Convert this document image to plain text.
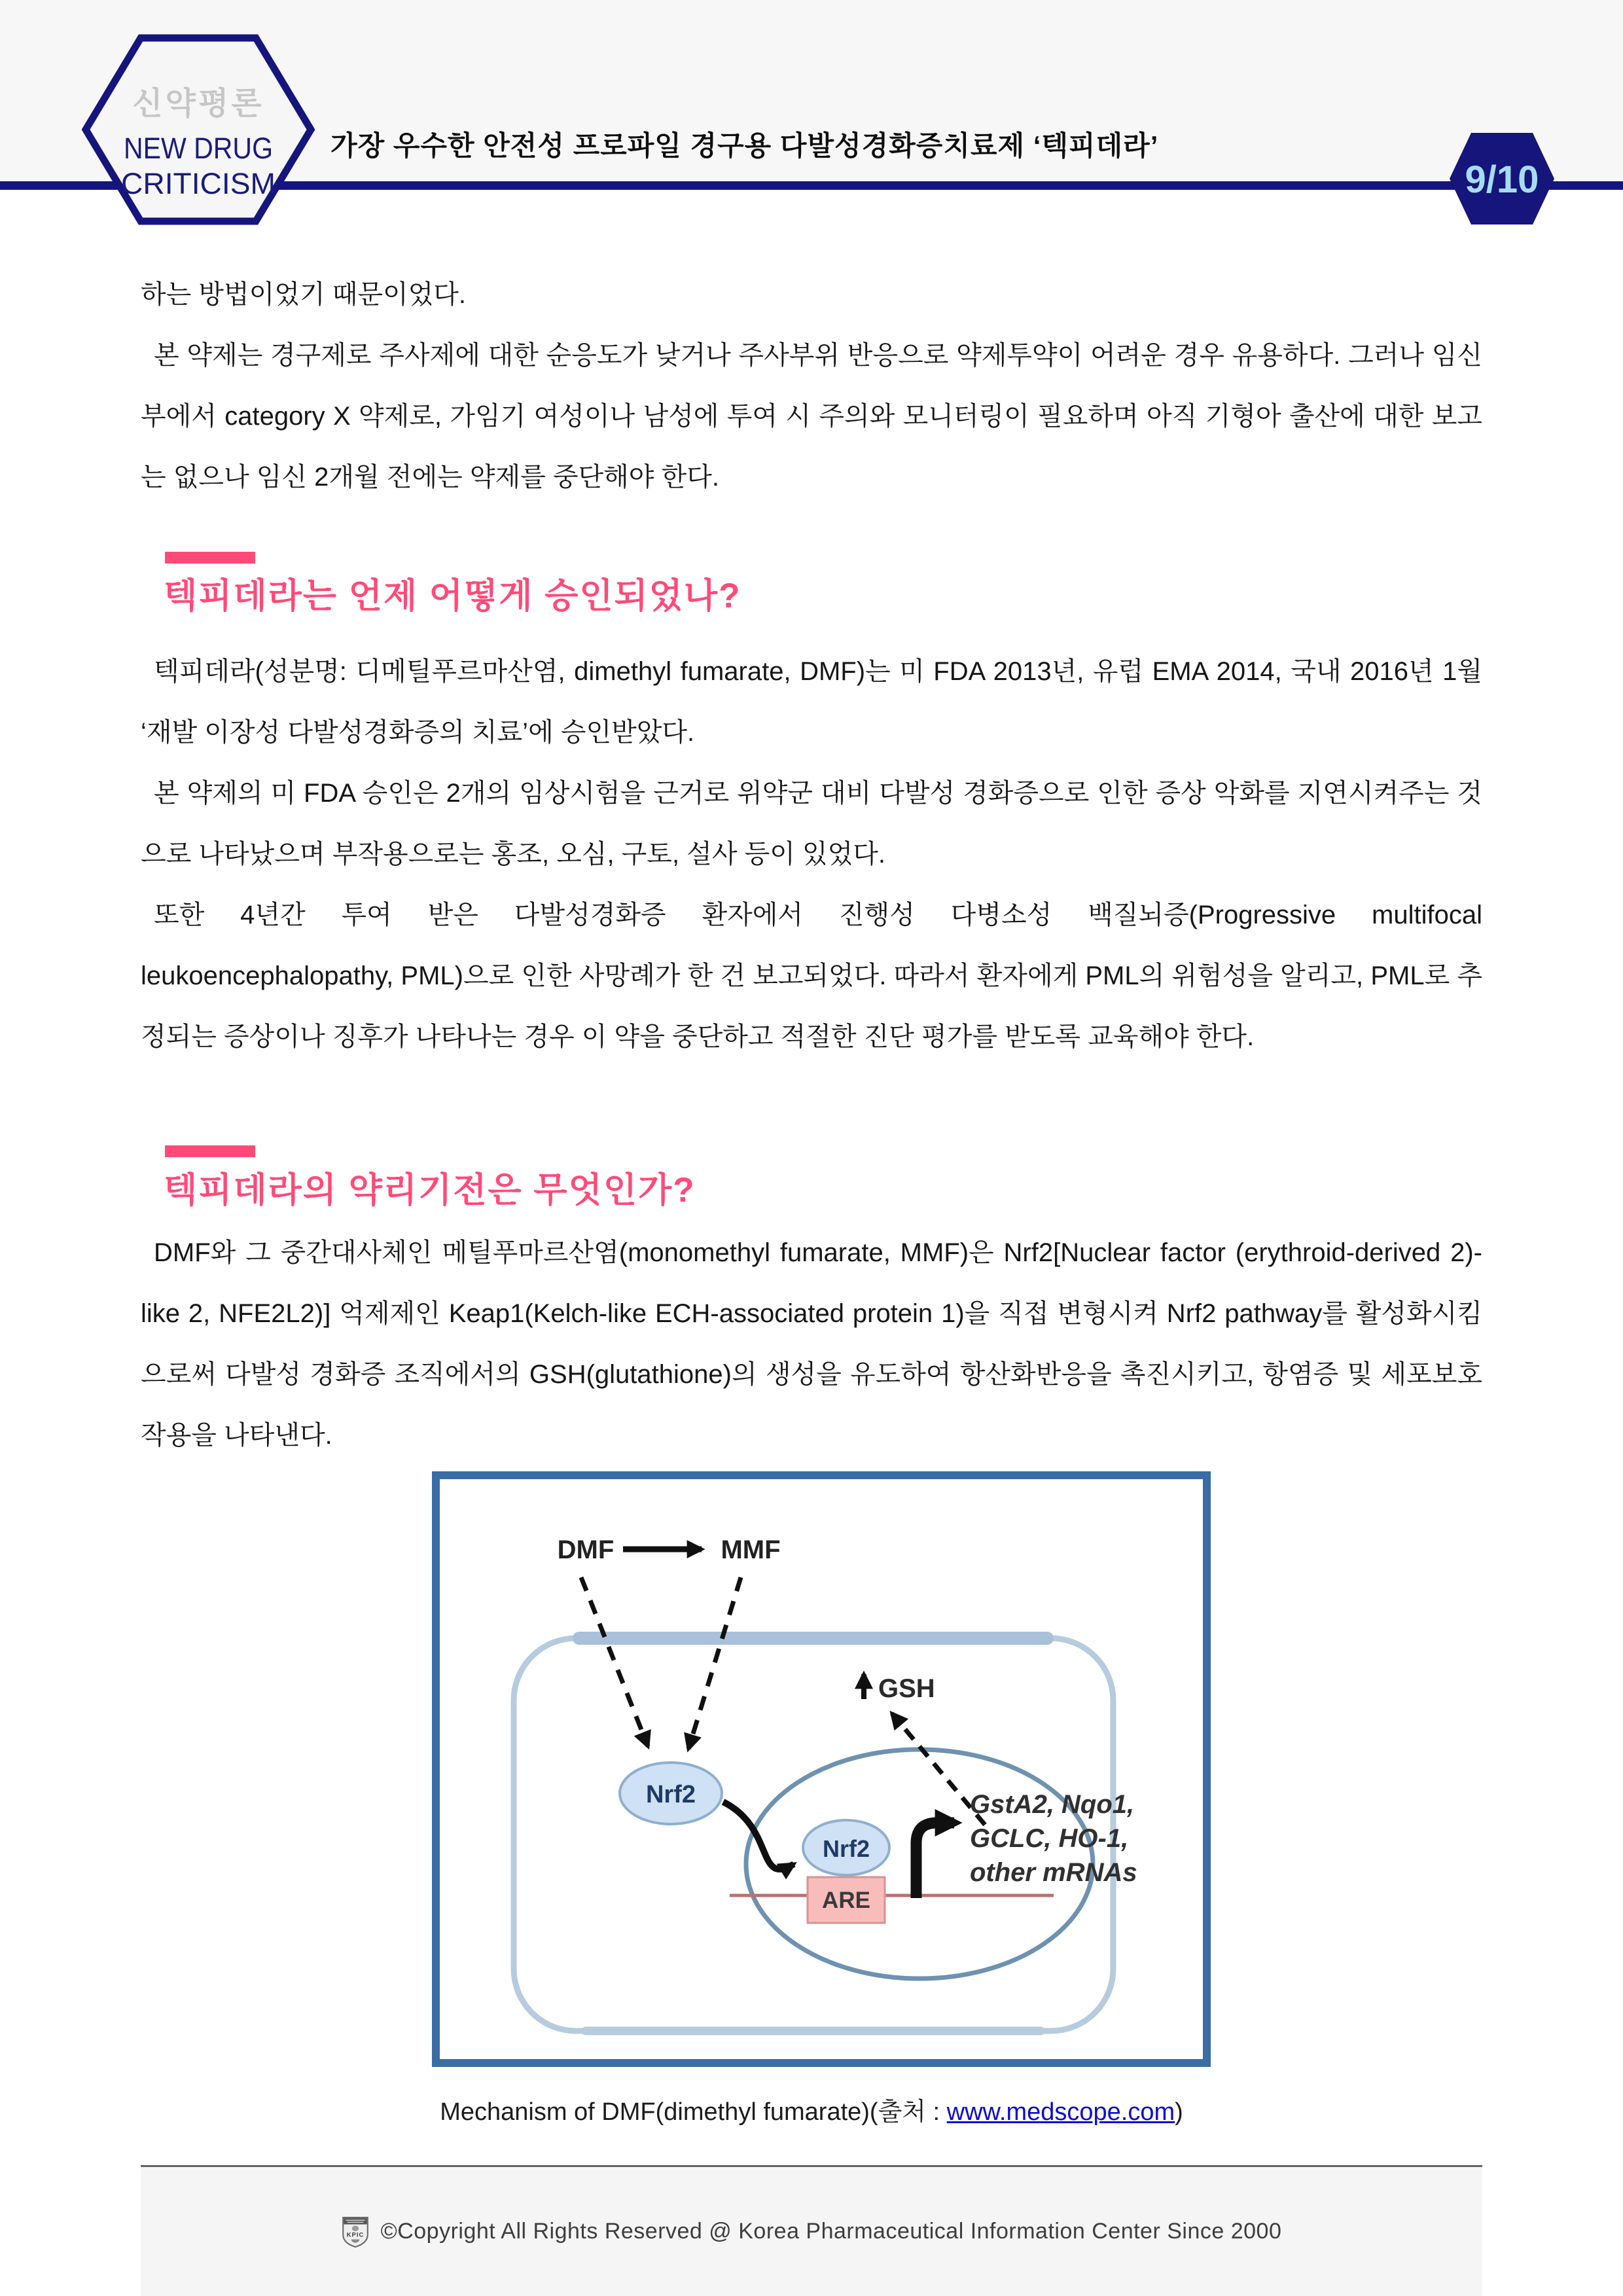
신약평론
NEW DRUG
CRITICISM
가장 우수한 안전성 프로파일 경구용 다발성경화증치료제 ‘텍피데라’
9/10

하는 방법이었기 때문이었다.

본 약제는 경구제로 주사제에 대한 순응도가 낮거나 주사부위 반응으로 약제투약이 어려운 경우 유용하다. 그러나 임신부에서 category X 약제로, 가임기 여성이나 남성에 투여 시 주의와 모니터링이 필요하며 아직 기형아 출산에 대한 보고는 없으나 임신 2개월 전에는 약제를 중단해야 한다.

텍피데라는 언제 어떻게 승인되었나?

텍피데라(성분명: 디메틸푸르마산염, dimethyl fumarate, DMF)는 미 FDA 2013년, 유럽 EMA 2014, 국내 2016년 1월 ‘재발 이장성 다발성경화증의 치료’에 승인받았다.

본 약제의 미 FDA 승인은 2개의 임상시험을 근거로 위약군 대비 다발성 경화증으로 인한 증상 악화를 지연시켜주는 것으로 나타났으며 부작용으로는 홍조, 오심, 구토, 설사 등이 있었다.

또한 4년간 투여 받은 다발성경화증 환자에서 진행성 다병소성 백질뇌증(Progressive multifocal leukoencephalopathy, PML)으로 인한 사망례가 한 건 보고되었다. 따라서 환자에게 PML의 위험성을 알리고, PML로 추정되는 증상이나 징후가 나타나는 경우 이 약을 중단하고 적절한 진단 평가를 받도록 교육해야 한다.

텍피데라의 약리기전은 무엇인가?

DMF와 그 중간대사체인 메틸푸마르산염(monomethyl fumarate, MMF)은 Nrf2[Nuclear factor (erythroid-derived 2)-like 2, NFE2L2)] 억제제인 Keap1(Kelch-like ECH-associated protein 1)을 직접 변형시켜 Nrf2 pathway를 활성화시킴으로써 다발성 경화증 조직에서의 GSH(glutathione)의 생성을 유도하여 항산화반응을 촉진시키고, 항염증 및 세포보호 작용을 나타낸다.

DMF	MMF
GSH
Nrf2
ARE
Nrf2
GstA2, Nqo1,
GCLC, HO-1,
other mRNAs
Mechanism of DMF(dimethyl fumarate)(출처 : www.medscope.com)
KPIC ©Copyright All Rights Reserved @ Korea Pharmaceutical Information Center Since 2000
